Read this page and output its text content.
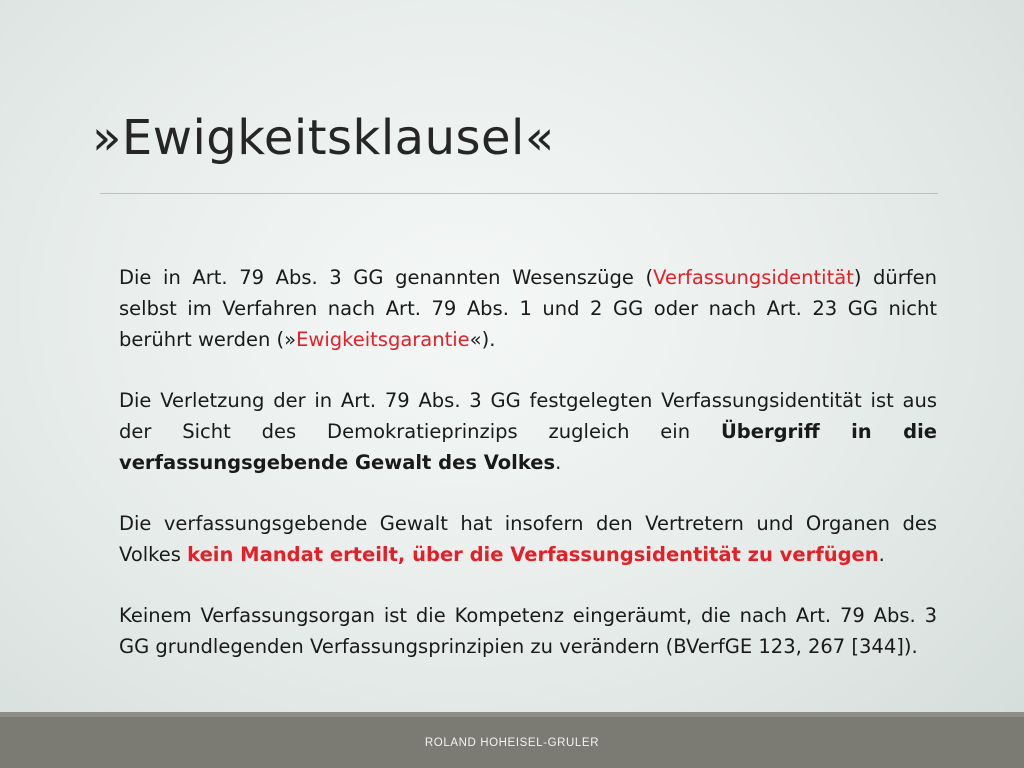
»Ewigkeitsklausel«

Die in Art. 79 Abs. 3 GG genannten Wesenszüge (Verfassungsidentität) dürfen selbst im Verfahren nach Art. 79 Abs. 1 und 2 GG oder nach Art. 23 GG nicht berührt werden (»Ewigkeitsgarantie«).

Die Verletzung der in Art. 79 Abs. 3 GG festgelegten Verfassungsidentität ist aus der Sicht des Demokratieprinzips zugleich ein Übergriff in die verfassungsgebende Gewalt des Volkes.

Die verfassungsgebende Gewalt hat insofern den Vertretern und Organen des Volkes kein Mandat erteilt, über die Verfassungsidentität zu verfügen.

Keinem Verfassungsorgan ist die Kompetenz eingeräumt, die nach Art. 79 Abs. 3 GG grundlegenden Verfassungsprinzipien zu verändern (BVerfGE 123, 267 [344]).

ROLAND HOHEISEL-GRULER
